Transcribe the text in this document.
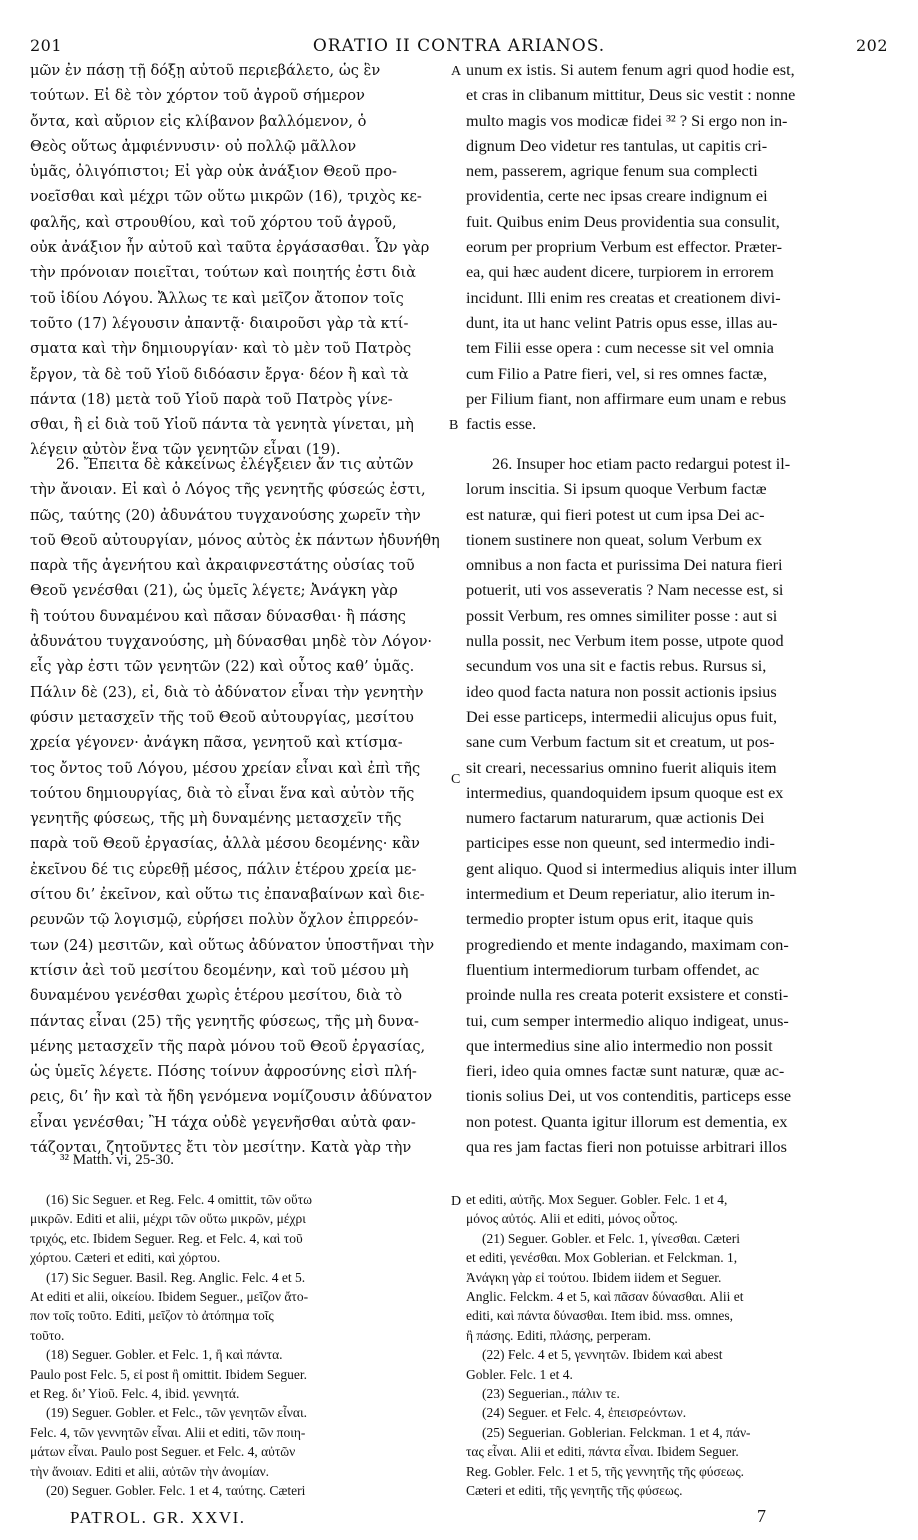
201	ORATIO II CONTRA ARIANOS.	202
μῶν ἐν πάσῃ τῇ δόξῃ αὐτοῦ περιεβάλετο, ὡς ἓν
τούτων. Εἰ δὲ τὸν χόρτον τοῦ ἀγροῦ σήμερον
ὄντα, καὶ αὔριον εἰς κλίβανον βαλλόμενον, ὁ
Θεὸς οὕτως ἀμφιέννυσιν· οὐ πολλῷ μᾶλλον
ὑμᾶς, ὀλιγόπιστοι; Εἰ γὰρ οὐκ ἀνάξιον Θεοῦ προ-
νοεῖσθαι καὶ μέχρι τῶν οὕτω μικρῶν (16), τριχὸς κε-
φαλῆς, καὶ στρουθίου, καὶ τοῦ χόρτου τοῦ ἀγροῦ,
οὐκ ἀνάξιον ἦν αὐτοῦ καὶ ταῦτα ἐργάσασθαι. Ὧν γὰρ
τὴν πρόνοιαν ποιεῖται, τούτων καὶ ποιητής ἐστι διὰ
τοῦ ἰδίου Λόγου. Ἄλλως τε καὶ μεῖζον ἄτοπον τοῖς
τοῦτο (17) λέγουσιν ἀπαντᾷ· διαιροῦσι γὰρ τὰ κτί-
σματα καὶ τὴν δημιουργίαν· καὶ τὸ μὲν τοῦ Πατρὸς
ἔργον, τὰ δὲ τοῦ Υἱοῦ διδόασιν ἔργα· δέον ἢ καὶ τὰ
πάντα (18) μετὰ τοῦ Υἱοῦ παρὰ τοῦ Πατρὸς γίνε-
σθαι, ἢ εἰ διὰ τοῦ Υἱοῦ πάντα τὰ γενητὰ γίνεται, μὴ
λέγειν αὐτὸν ἕνα τῶν γενητῶν εἶναι (19).
26. Ἔπειτα δὲ κἀκείνως ἐλέγξειεν ἄν τις αὐτῶν
τὴν ἄνοιαν. Εἰ καὶ ὁ Λόγος τῆς γενητῆς φύσεώς ἐστι,
πῶς, ταύτης (20) ἀδυνάτου τυγχανούσης χωρεῖν τὴν
τοῦ Θεοῦ αὐτουργίαν, μόνος αὐτὸς ἐκ πάντων ἠδυνήθη
παρὰ τῆς ἀγενήτου καὶ ἀκραιφνεστάτης οὐσίας τοῦ
Θεοῦ γενέσθαι (21), ὡς ὑμεῖς λέγετε; Ἀνάγκη γὰρ
ἢ τούτου δυναμένου καὶ πᾶσαν δύνασθαι· ἢ πάσης
ἀδυνάτου τυγχανούσης, μὴ δύνασθαι μηδὲ τὸν Λόγον·
εἷς γὰρ ἐστι τῶν γενητῶν (22) καὶ οὗτος καθ’ ὑμᾶς.
Πάλιν δὲ (23), εἰ, διὰ τὸ ἀδύνατον εἶναι τὴν γενητὴν
φύσιν μετασχεῖν τῆς τοῦ Θεοῦ αὐτουργίας, μεσίτου
χρεία γέγονεν· ἀνάγκη πᾶσα, γενητοῦ καὶ κτίσμα-
τος ὄντος τοῦ Λόγου, μέσου χρείαν εἶναι καὶ ἐπὶ τῆς
τούτου δημιουργίας, διὰ τὸ εἶναι ἕνα καὶ αὐτὸν τῆς
γενητῆς φύσεως, τῆς μὴ δυναμένης μετασχεῖν τῆς
παρὰ τοῦ Θεοῦ ἐργασίας, ἀλλὰ μέσου δεομένης· κἂν
ἐκεῖνου δέ τις εὑρεθῇ μέσος, πάλιν ἑτέρου χρεία με-
σίτου δι’ ἐκεῖνον, καὶ οὕτω τις ἐπαναβαίνων καὶ διε-
ρευνῶν τῷ λογισμῷ, εὑρήσει πολὺν ὄχλον ἐπιρρεόν-
των (24) μεσιτῶν, καὶ οὕτως ἀδύνατον ὑποστῆναι τὴν
κτίσιν ἀεὶ τοῦ μεσίτου δεομένην, καὶ τοῦ μέσου μὴ
δυναμένου γενέσθαι χωρὶς ἑτέρου μεσίτου, διὰ τὸ
πάντας εἶναι (25) τῆς γενητῆς φύσεως, τῆς μὴ δυνα-
μένης μετασχεῖν τῆς παρὰ μόνου τοῦ Θεοῦ ἐργασίας,
ὡς ὑμεῖς λέγετε. Πόσης τοίνυν ἀφροσύνης εἰσὶ πλή-
ρεις, δι’ ἣν καὶ τὰ ἤδη γενόμενα νομίζουσιν ἀδύνατον
εἶναι γενέσθαι; Ἢ τάχα οὐδὲ γεγενῆσθαι αὐτὰ φαν-
τάζονται, ζητοῦντες ἔτι τὸν μεσίτην. Κατὰ γὰρ τὴν
unum ex istis. Si autem fenum agri quod hodie est,
et cras in clibanum mittitur, Deus sic vestit : nonne
multo magis vos modicæ fidei ³² ? Si ergo non in-
dignum Deo videtur res tantulas, ut capitis cri-
nem, passerem, agrique fenum sua complecti
providentia, certe nec ipsas creare indignum ei
fuit. Quibus enim Deus providentia sua consulit,
eorum per proprium Verbum est effector. Præter-
ea, qui hæc audent dicere, turpiorem in errorem
incidunt. Illi enim res creatas et creationem divi-
dunt, ita ut hanc velint Patris opus esse, illas au-
tem Filii esse opera : cum necesse sit vel omnia
cum Filio a Patre fieri, vel, si res omnes factæ,
per Filium fiant, non affirmare eum unam e rebus
factis esse.
26. Insuper hoc etiam pacto redargui potest il-
lorum inscitia. Si ipsum quoque Verbum factæ
est naturæ, qui fieri potest ut cum ipsa Dei ac-
tionem sustinere non queat, solum Verbum ex
omnibus a non facta et purissima Dei natura fieri
potuerit, uti vos asseveratis ? Nam necesse est, si
possit Verbum, res omnes similiter posse : aut si
nulla possit, nec Verbum item posse, utpote quod
secundum vos una sit e factis rebus. Rursus si,
ideo quod facta natura non possit actionis ipsius
Dei esse particeps, intermedii alicujus opus fuit,
sane cum Verbum factum sit et creatum, ut pos-
sit creari, necessarius omnino fuerit aliquis item
intermedius, quandoquidem ipsum quoque est ex
numero factarum naturarum, quæ actionis Dei
participes esse non queunt, sed intermedio indi-
gent aliquo. Quod si intermedius aliquis inter illum
intermedium et Deum reperiatur, alio iterum in-
termedio propter istum opus erit, itaque quis
progrediendo et mente indagando, maximam con-
fluentium intermediorum turbam offendet, ac
proinde nulla res creata poterit exsistere et consti-
tui, cum semper intermedio aliquo indigeat, unus-
que intermedius sine alio intermedio non possit
fieri, ideo quia omnes factæ sunt naturæ, quæ ac-
tionis solius Dei, ut vos contenditis, particeps esse
non potest. Quanta igitur illorum est dementia, ex
qua res jam factas fieri non potuisse arbitrari illos
A
B
C
D
³² Matth. vi, 25-30.
(16) Sic Seguer. et Reg. Felc. 4 omittit, τῶν οὕτω
μικρῶν. Editi et alii, μέχρι τῶν οὕτω μικρῶν, μέχρι
τριχός, etc. Ibidem Seguer. Reg. et Felc. 4, καὶ τοῦ
χόρτου. Cæteri et editi, καὶ χόρτου.
(17) Sic Seguer. Basil. Reg. Anglic. Felc. 4 et 5.
At editi et alii, οἰκείου. Ibidem Seguer., μεῖζον ἄτο-
πον τοῖς τοῦτο. Editi, μεῖζον τὸ ἀτόπημα τοῖς
τοῦτο.
(18) Seguer. Gobler. et Felc. 1, ἢ καὶ πάντα.
Paulo post Felc. 5, εἰ post ἢ omittit. Ibidem Seguer.
et Reg. δι’ Υἱοῦ. Felc. 4, ibid. γεννητά.
(19) Seguer. Gobler. et Felc., τῶν γενητῶν εἶναι.
Felc. 4, τῶν γεννητῶν εἶναι. Alii et editi, τῶν ποιη-
μάτων εἶναι. Paulo post Seguer. et Felc. 4, αὐτῶν
τὴν ἄνοιαν. Editi et alii, αὐτῶν τὴν ἀνομίαν.
(20) Seguer. Gobler. Felc. 1 et 4, ταύτης. Cæteri
et editi, αὐτῆς. Mox Seguer. Gobler. Felc. 1 et 4,
μόνος αὐτός. Alii et editi, μόνος οὗτος.
(21) Seguer. Gobler. et Felc. 1, γίνεσθαι. Cæteri
et editi, γενέσθαι. Mox Goblerian. et Felckman. 1,
Ἀνάγκη γὰρ εἰ τούτου. Ibidem iidem et Seguer.
Anglic. Felckm. 4 et 5, καὶ πᾶσαν δύνασθαι. Alii et
editi, καὶ πάντα δύνασθαι. Item ibid. mss. omnes,
ἢ πάσης. Editi, πλάσης, perperam.
(22) Felc. 4 et 5, γεννητῶν. Ibidem καὶ abest
Gobler. Felc. 1 et 4.
(23) Seguerian., πάλιν τε.
(24) Seguer. et Felc. 4, ἐπεισρεόντων.
(25) Seguerian. Goblerian. Felckman. 1 et 4, πάν-
τας εἶναι. Alii et editi, πάντα εἶναι. Ibidem Seguer.
Reg. Gobler. Felc. 1 et 5, τῆς γεννητῆς τῆς φύσεως.
Cæteri et editi, τῆς γενητῆς τῆς φύσεως.
PATROL. GR. XXVI.	7
